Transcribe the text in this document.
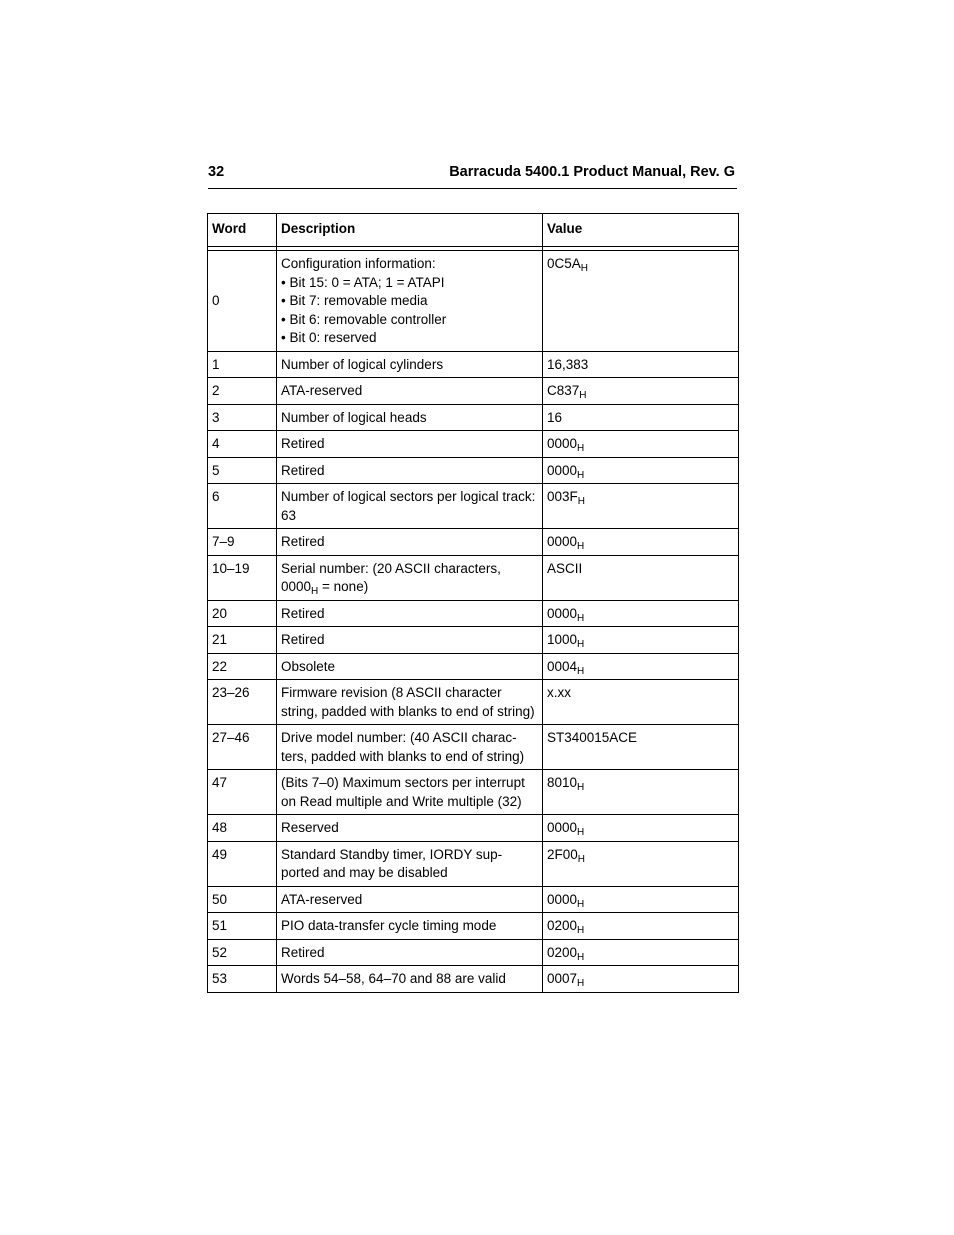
32	Barracuda 5400.1 Product Manual, Rev. G
Word	Description	Value

0	Configuration information:
• Bit 15: 0 = ATA; 1 = ATAPI
• Bit 7: removable media
• Bit 6: removable controller
• Bit 0: reserved	$0C5A_H$
1	Number of logical cylinders	16,383
2	ATA-reserved	$C837_H$
3	Number of logical heads	16
4	Retired	$0000_H$
5	Retired	$0000_H$
6	Number of logical sectors per logical track: 63	$003F_H$
7–9	Retired	$0000_H$
10–19	Serial number: (20 ASCII characters, $0000_H$ = none)	ASCII
20	Retired	$0000_H$
21	Retired	$1000_H$
22	Obsolete	$0004_H$
23–26	Firmware revision (8 ASCII character string, padded with blanks to end of string)	x.xx
27–46	Drive model number: (40 ASCII charac-ters, padded with blanks to end of string)	ST340015ACE
47	(Bits 7–0) Maximum sectors per interrupt on Read multiple and Write multiple (32)	$8010_H$
48	Reserved	$0000_H$
49	Standard Standby timer, IORDY sup-ported and may be disabled	$2F00_H$
50	ATA-reserved	$0000_H$
51	PIO data-transfer cycle timing mode	$0200_H$
52	Retired	$0200_H$
53	Words 54–58, 64–70 and 88 are valid	$0007_H$
